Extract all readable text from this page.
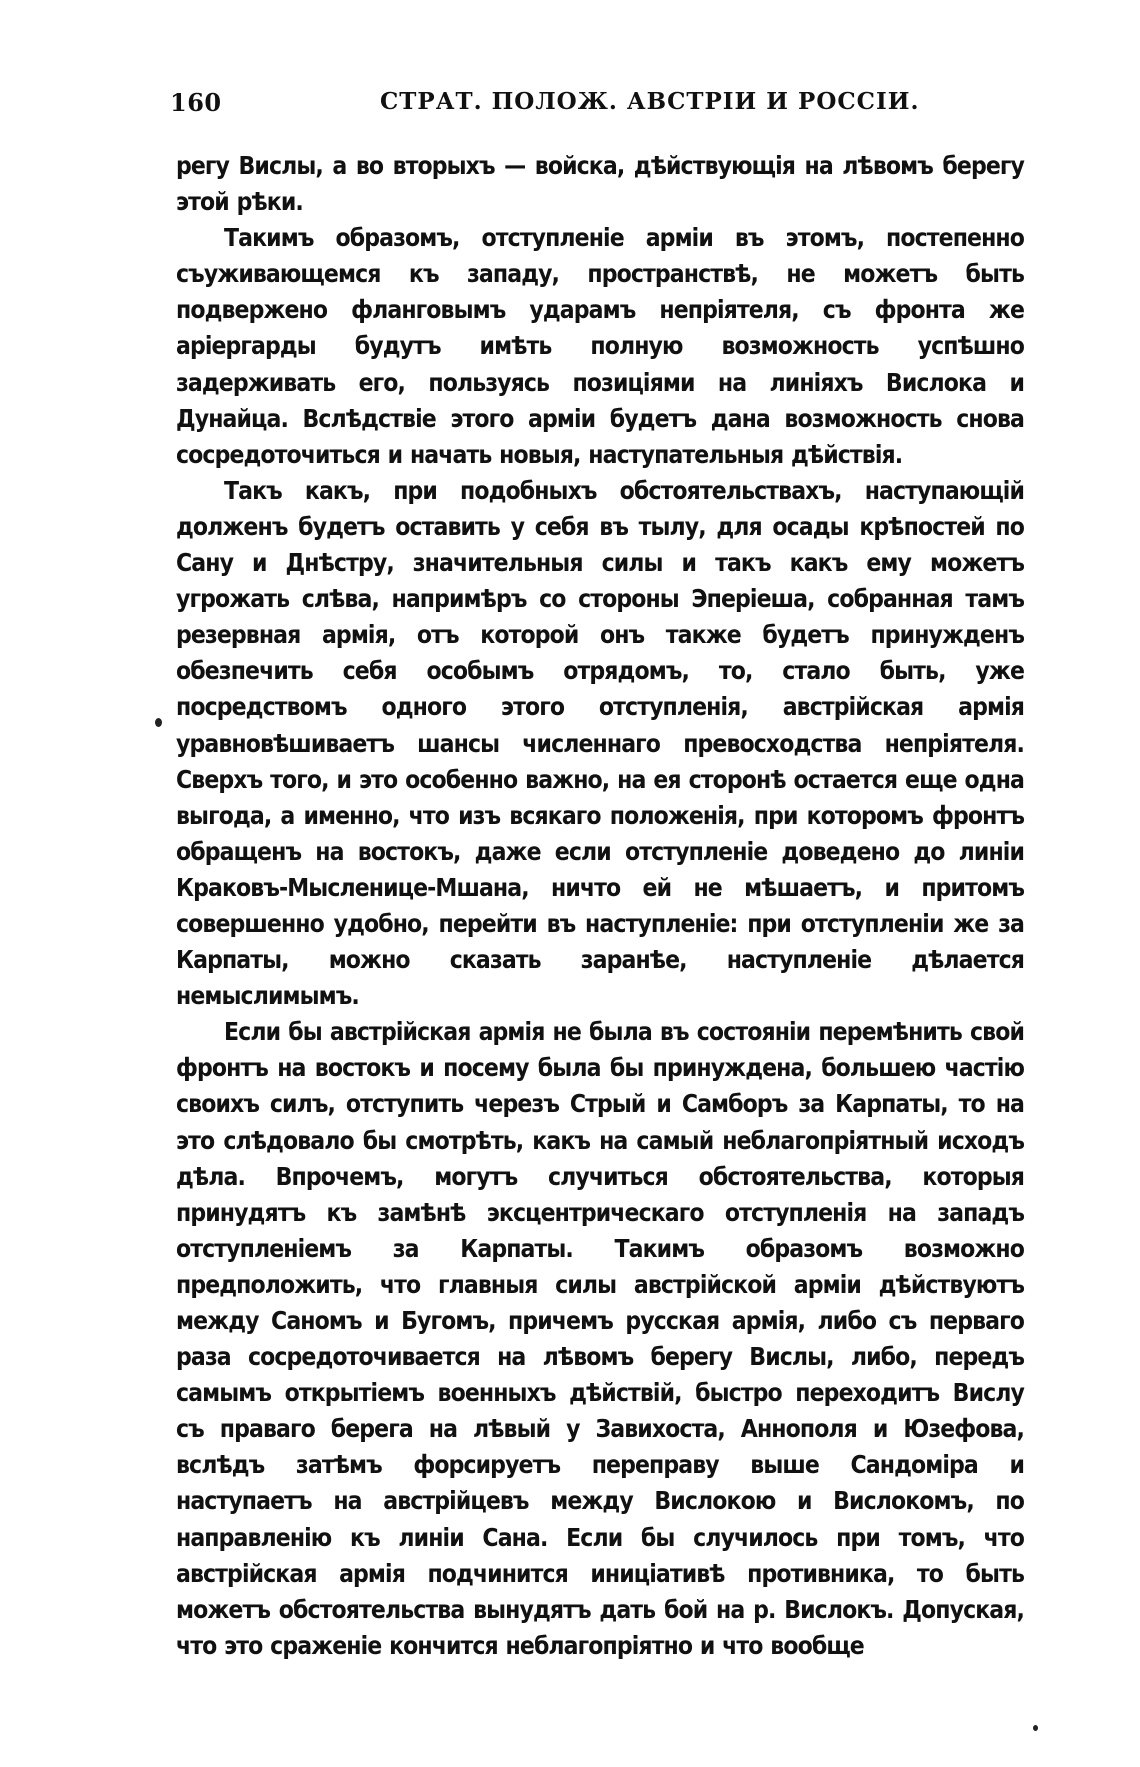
160	СТРАТ. ПОЛОЖ. АВСТРІИ И РОССІИ.

регу Вислы, а во вторыхъ — войска, дѣйствующія на лѣвомъ берегу этой рѣки.

Такимъ образомъ, отступленіе арміи въ этомъ, постепенно съуживающемся къ западу, пространствѣ, не можетъ быть подвержено фланговымъ ударамъ непріятеля, съ фронта же аріергарды будутъ имѣть полную возможность успѣшно задерживать его, пользуясь позиціями на линіяхъ Вислока и Дунайца. Вслѣдствіе этого арміи будетъ дана возможность снова сосредоточиться и начать новыя, наступательныя дѣйствія.

Такъ какъ, при подобныхъ обстоятельствахъ, наступающій долженъ будетъ оставить у себя въ тылу, для осады крѣпостей по Сану и Днѣстру, значительныя силы и такъ какъ ему можетъ угрожать слѣва, напримѣръ со стороны Эперіеша, собранная тамъ резервная армія, отъ которой онъ также будетъ принужденъ обезпечить себя особымъ отрядомъ, то, стало быть, уже посредствомъ одного этого отступленія, австрійская армія уравновѣшиваетъ шансы численнаго превосходства непріятеля. Сверхъ того, и это особенно важно, на ея сторонѣ остается еще одна выгода, а именно, что изъ всякаго положенія, при которомъ фронтъ обращенъ на востокъ, даже если отступленіе доведено до линіи Краковъ-Мысленице-Мшана, ничто ей не мѣшаетъ, и притомъ совершенно удобно, перейти въ наступленіе: при отступленіи же за Карпаты, можно сказать заранѣе, наступленіе дѣлается немыслимымъ.

Если бы австрійская армія не была въ состояніи перемѣнить свой фронтъ на востокъ и посему была бы принуждена, большею частію своихъ силъ, отступить черезъ Стрый и Самборъ за Карпаты, то на это слѣдовало бы смотрѣть, какъ на самый неблагопріятный исходъ дѣла. Впрочемъ, могутъ случиться обстоятельства, которыя принудятъ къ замѣнѣ эксцентрическаго отступленія на западъ отступленіемъ за Карпаты. Такимъ образомъ возможно предположить, что главныя силы австрійской арміи дѣйствуютъ между Саномъ и Бугомъ, причемъ русская армія, либо съ перваго раза сосредоточивается на лѣвомъ берегу Вислы, либо, передъ самымъ открытіемъ военныхъ дѣйствій, быстро переходитъ Вислу съ праваго берега на лѣвый у Завихоста, Аннополя и Юзефова, вслѣдъ затѣмъ форсируетъ переправу выше Сандоміра и наступаетъ на австрійцевъ между Вислокою и Вислокомъ, по направленію къ линіи Сана. Если бы случилось при томъ, что австрійская армія подчинится иниціативѣ противника, то быть можетъ обстоятельства вынудятъ дать бой на р. Вислокъ. Допуская, что это сраженіе кончится неблагопріятно и что вообще
